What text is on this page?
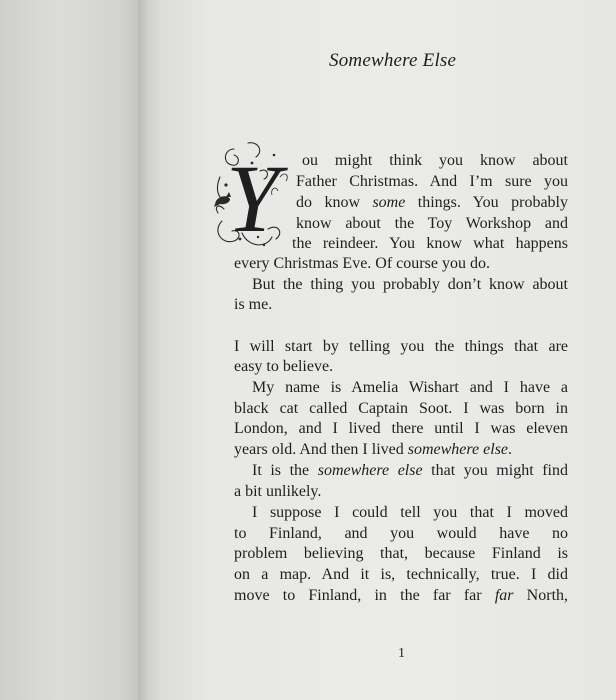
Somewhere Else
Y	ou might think you know about
Father Christmas. And I’m sure you
do know some things. You probably
know about the Toy Workshop and
the reindeer. You know what happens
every Christmas Eve. Of course you do.
But the thing you probably don’t know about
is me.
I will start by telling you the things that are
easy to believe.
My name is Amelia Wishart and I have a
black cat called Captain Soot. I was born in
London, and I lived there until I was eleven
years old. And then I lived somewhere else.
It is the somewhere else that you might find
a bit unlikely.
I suppose I could tell you that I moved
to Finland, and you would have no
problem believing that, because Finland is
on a map. And it is, technically, true. I did
move to Finland, in the far far far North,
1
